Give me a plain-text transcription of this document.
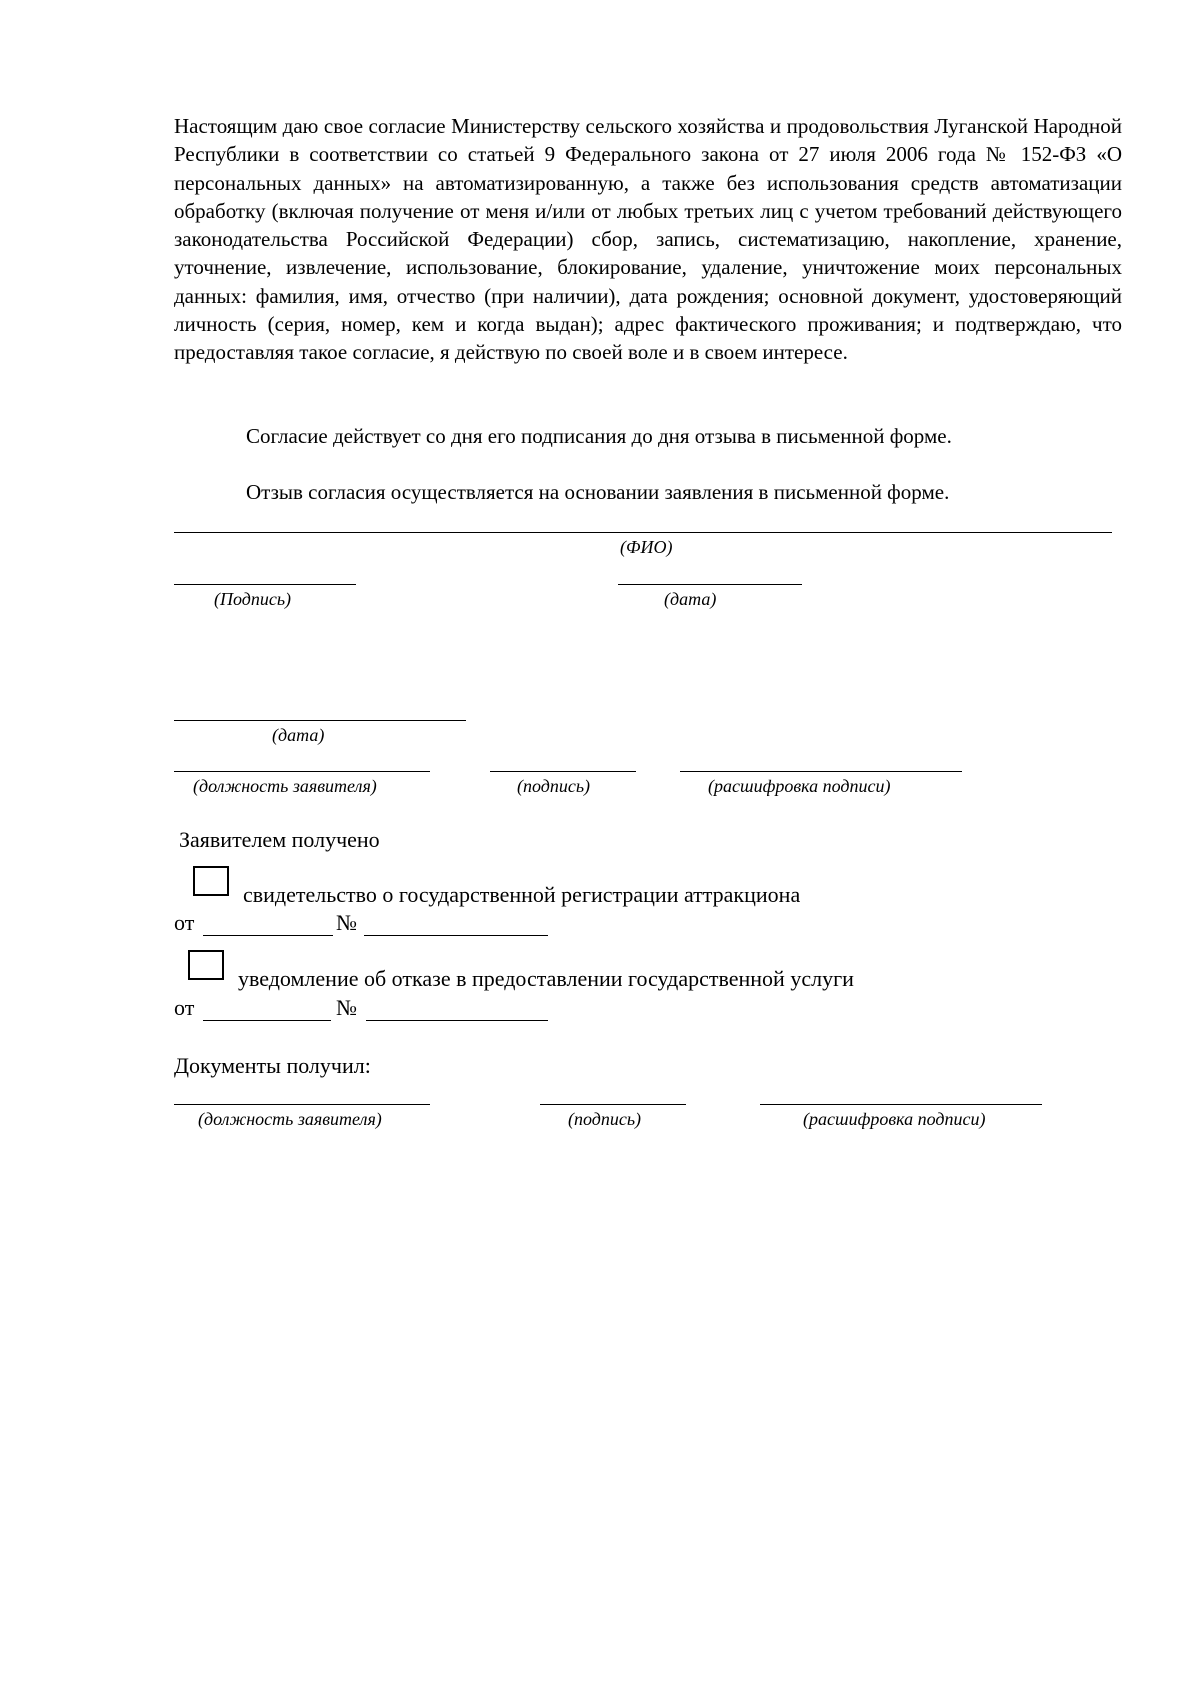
Настоящим даю свое согласие Министерству сельского хозяйства и продовольствия Луганской Народной Республики в соответствии со статьей 9 Федерального закона от 27 июля 2006 года № 152-ФЗ «О персональных данных» на автоматизированную, а также без использования средств автоматизации обработку (включая получение от меня и/или от любых третьих лиц с учетом требований действующего законодательства Российской Федерации) сбор, запись, систематизацию, накопление, хранение, уточнение, извлечение, использование, блокирование, удаление, уничтожение моих персональных данных: фамилия, имя, отчество (при наличии), дата рождения; основной документ, удостоверяющий личность (серия, номер, кем и когда выдан); адрес фактического проживания; и подтверждаю, что предоставляя такое согласие, я действую по своей воле и в своем интересе.

Согласие действует со дня его подписания до дня отзыва в письменной форме.

Отзыв согласия осуществляется на основании заявления в письменной форме.

(ФИО)
(Подпись)	(дата)
(дата)
(должность заявителя)	(подпись)	(расшифровка подписи)
Заявителем получено
свидетельство о государственной регистрации аттракциона
от	№
уведомление об отказе в предоставлении государственной услуги
от	№
Документы получил:
(должность заявителя)	(подпись)	(расшифровка подписи)
